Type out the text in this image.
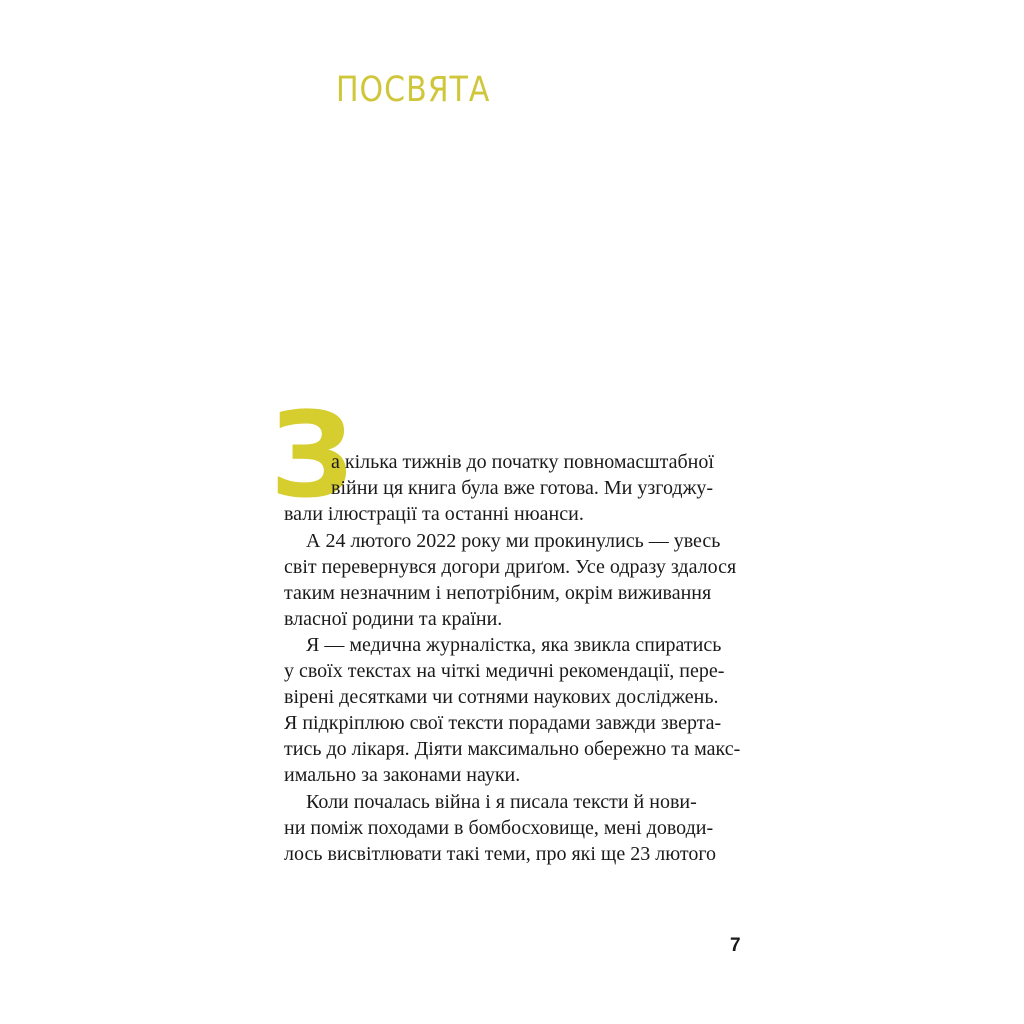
ПОСВЯТА
З
а кілька тижнів до початку повномасштабної
війни ця книга була вже готова. Ми узгоджу-
вали ілюстрації та останні нюанси.
А 24 лютого 2022 року ми прокинулись — увесь
світ перевернувся догори дриґом. Усе одразу здалося
таким незначним і непотрібним, окрім виживання
власної родини та країни.
Я — медична журналістка, яка звикла спиратись
у своїх текстах на чіткі медичні рекомендації, пере-
вірені десятками чи сотнями наукових досліджень.
Я підкріплюю свої тексти порадами завжди зверта-
тись до лікаря. Діяти максимально обережно та макс-
имально за законами науки.
Коли почалась війна і я писала тексти й нови-
ни поміж походами в бомбосховище, мені доводи-
лось висвітлювати такі теми, про які ще 23 лютого
7
